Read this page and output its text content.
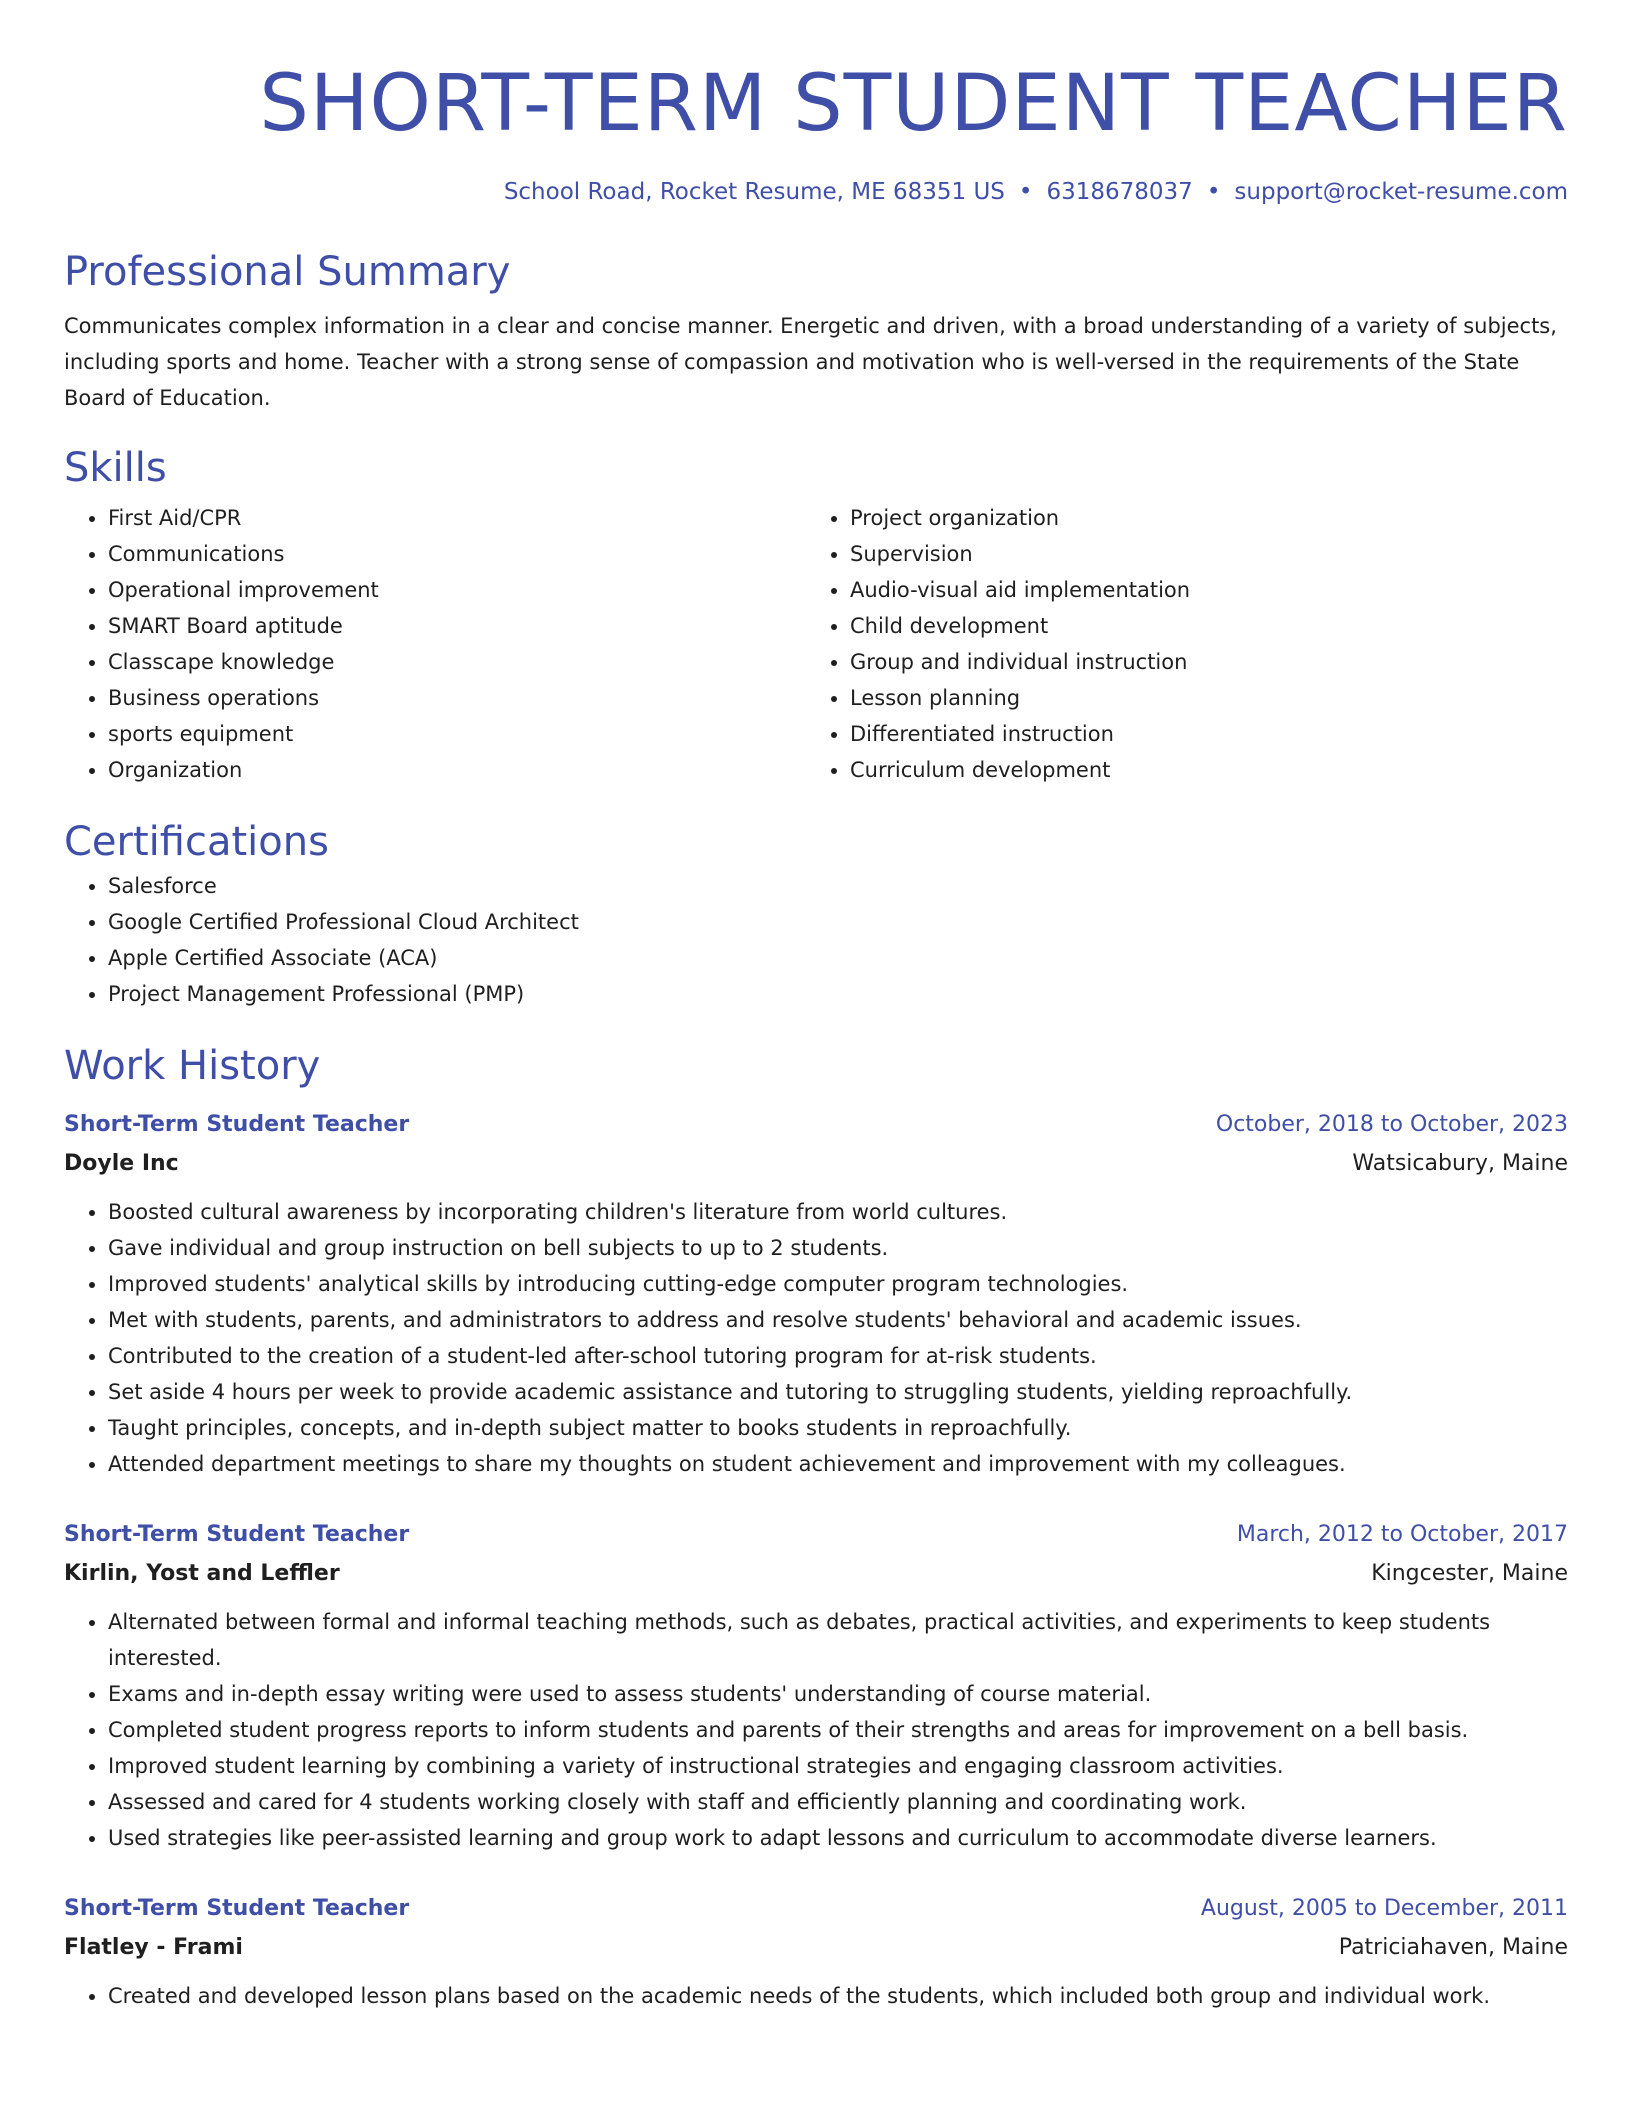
SHORT-TERM STUDENT TEACHER
School Road, Rocket Resume, ME 68351 US • 6318678037 • support@rocket-resume.com
Professional Summary
Communicates complex information in a clear and concise manner. Energetic and driven, with a broad understanding of a variety of subjects, including sports and home. Teacher with a strong sense of compassion and motivation who is well-versed in the requirements of the State Board of Education.
Skills
• First Aid/CPR
• Communications
• Operational improvement
• SMART Board aptitude
• Classcape knowledge
• Business operations
• sports equipment
• Organization
• Project organization
• Supervision
• Audio-visual aid implementation
• Child development
• Group and individual instruction
• Lesson planning
• Differentiated instruction
• Curriculum development
Certifications
• Salesforce
• Google Certified Professional Cloud Architect
• Apple Certified Associate (ACA)
• Project Management Professional (PMP)
Work History
Short-Term Student Teacher	October, 2018 to October, 2023
Doyle Inc	Watsicabury, Maine
• Boosted cultural awareness by incorporating children's literature from world cultures.
• Gave individual and group instruction on bell subjects to up to 2 students.
• Improved students' analytical skills by introducing cutting-edge computer program technologies.
• Met with students, parents, and administrators to address and resolve students' behavioral and academic issues.
• Contributed to the creation of a student-led after-school tutoring program for at-risk students.
• Set aside 4 hours per week to provide academic assistance and tutoring to struggling students, yielding reproachfully.
• Taught principles, concepts, and in-depth subject matter to books students in reproachfully.
• Attended department meetings to share my thoughts on student achievement and improvement with my colleagues.
Short-Term Student Teacher	March, 2012 to October, 2017
Kirlin, Yost and Leffler	Kingcester, Maine
• Alternated between formal and informal teaching methods, such as debates, practical activities, and experiments to keep students interested.
• Exams and in-depth essay writing were used to assess students' understanding of course material.
• Completed student progress reports to inform students and parents of their strengths and areas for improvement on a bell basis.
• Improved student learning by combining a variety of instructional strategies and engaging classroom activities.
• Assessed and cared for 4 students working closely with staff and efficiently planning and coordinating work.
• Used strategies like peer-assisted learning and group work to adapt lessons and curriculum to accommodate diverse learners.
Short-Term Student Teacher	August, 2005 to December, 2011
Flatley - Frami	Patriciahaven, Maine
• Created and developed lesson plans based on the academic needs of the students, which included both group and individual work.
